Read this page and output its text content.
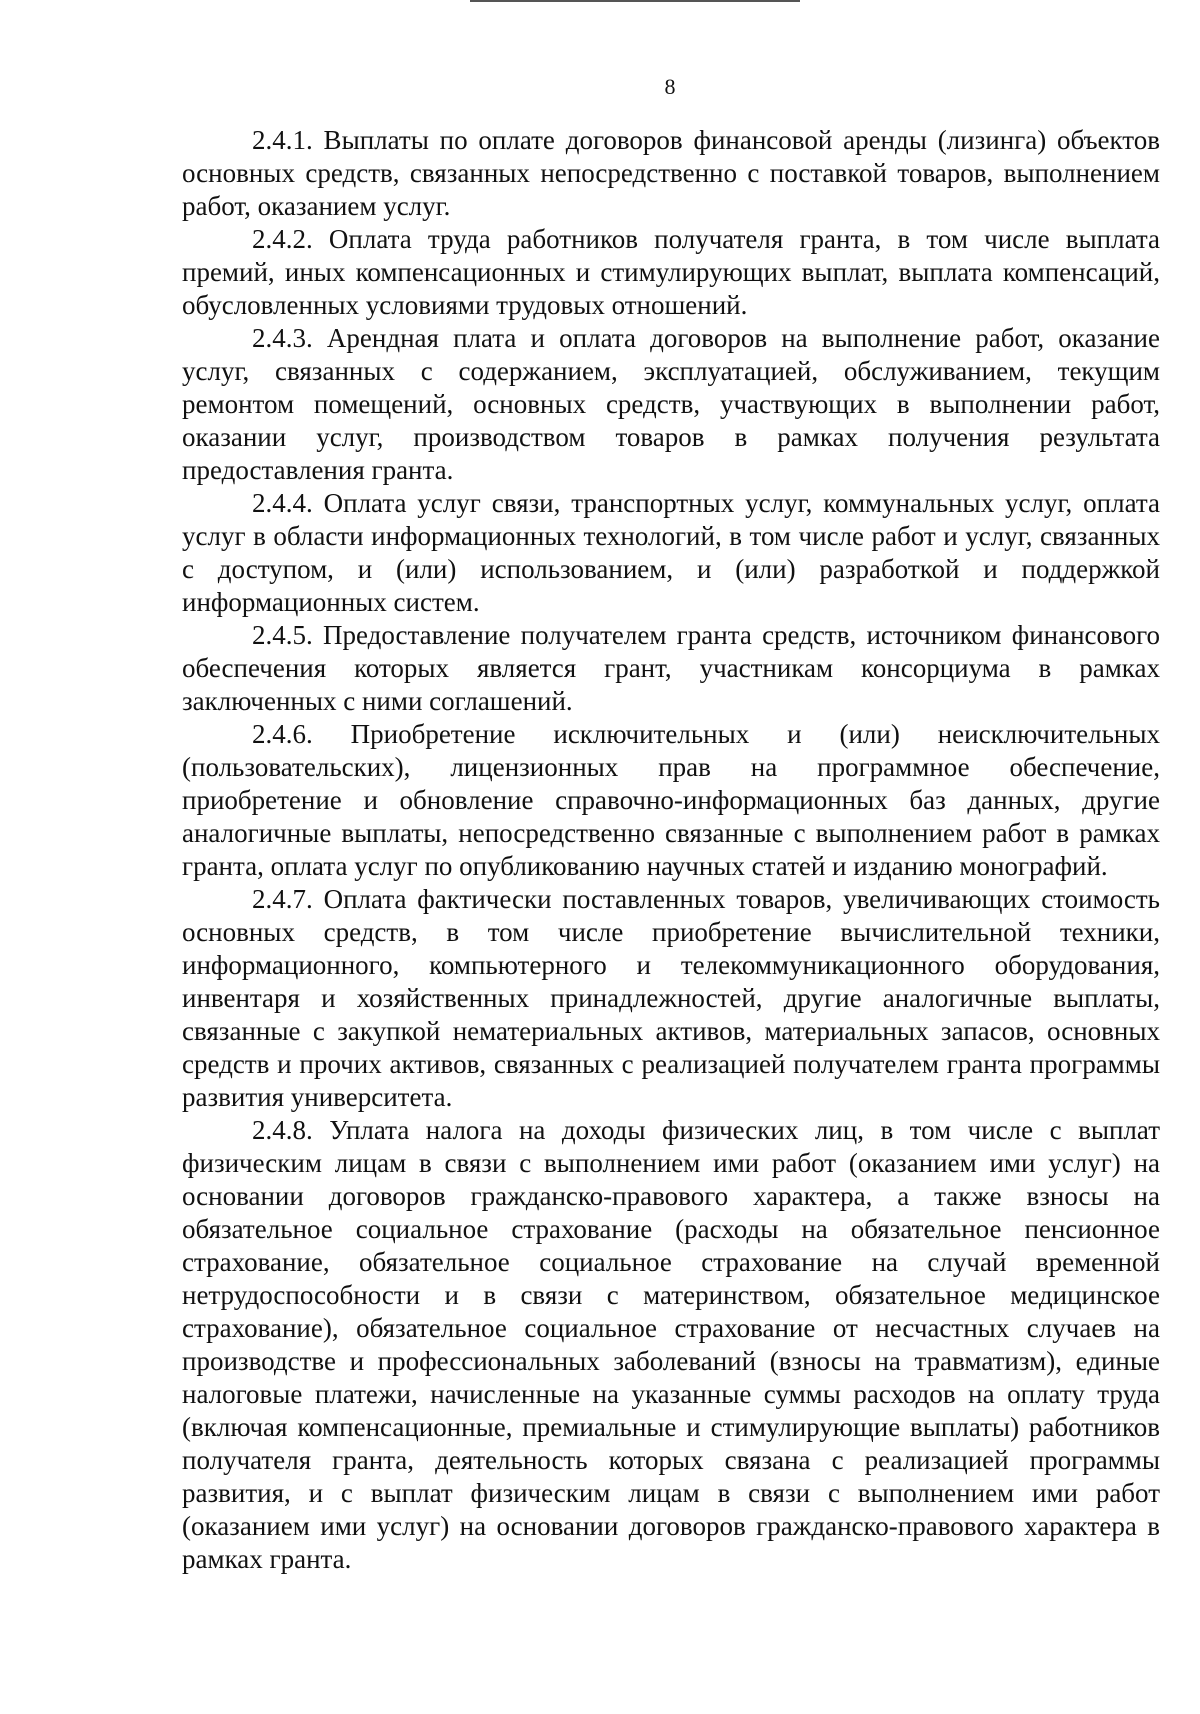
8

2.4.1. Выплаты по оплате договоров финансовой аренды (лизинга) объектов основных средств, связанных непосредственно с поставкой товаров, выполнением работ, оказанием услуг.

2.4.2. Оплата труда работников получателя гранта, в том числе выплата премий, иных компенсационных и стимулирующих выплат, выплата компенсаций, обусловленных условиями трудовых отношений.

2.4.3. Арендная плата и оплата договоров на выполнение работ, оказание услуг, связанных с содержанием, эксплуатацией, обслуживанием, текущим ремонтом помещений, основных средств, участвующих в выполнении работ, оказании услуг, производством товаров в рамках получения результата предоставления гранта.

2.4.4. Оплата услуг связи, транспортных услуг, коммунальных услуг, оплата услуг в области информационных технологий, в том числе работ и услуг, связанных с доступом, и (или) использованием, и (или) разработкой и поддержкой информационных систем.

2.4.5. Предоставление получателем гранта средств, источником финансового обеспечения которых является грант, участникам консорциума в рамках заключенных с ними соглашений.

2.4.6. Приобретение исключительных и (или) неисключительных (пользовательских), лицензионных прав на программное обеспечение, приобретение и обновление справочно-информационных баз данных, другие аналогичные выплаты, непосредственно связанные с выполнением работ в рамках гранта, оплата услуг по опубликованию научных статей и изданию монографий.

2.4.7. Оплата фактически поставленных товаров, увеличивающих стоимость основных средств, в том числе приобретение вычислительной техники, информационного, компьютерного и телекоммуникационного оборудования, инвентаря и хозяйственных принадлежностей, другие аналогичные выплаты, связанные с закупкой нематериальных активов, материальных запасов, основных средств и прочих активов, связанных с реализацией получателем гранта программы развития университета.

2.4.8. Уплата налога на доходы физических лиц, в том числе с выплат физическим лицам в связи с выполнением ими работ (оказанием ими услуг) на основании договоров гражданско-правового характера, а также взносы на обязательное социальное страхование (расходы на обязательное пенсионное страхование, обязательное социальное страхование на случай временной нетрудоспособности и в связи с материнством, обязательное медицинское страхование), обязательное социальное страхование от несчастных случаев на производстве и профессиональных заболеваний (взносы на травматизм), единые налоговые платежи, начисленные на указанные суммы расходов на оплату труда (включая компенсационные, премиальные и стимулирующие выплаты) работников получателя гранта, деятельность которых связана с реализацией программы развития, и с выплат физическим лицам в связи с выполнением ими работ (оказанием ими услуг) на основании договоров гражданско-правового характера в рамках гранта.
